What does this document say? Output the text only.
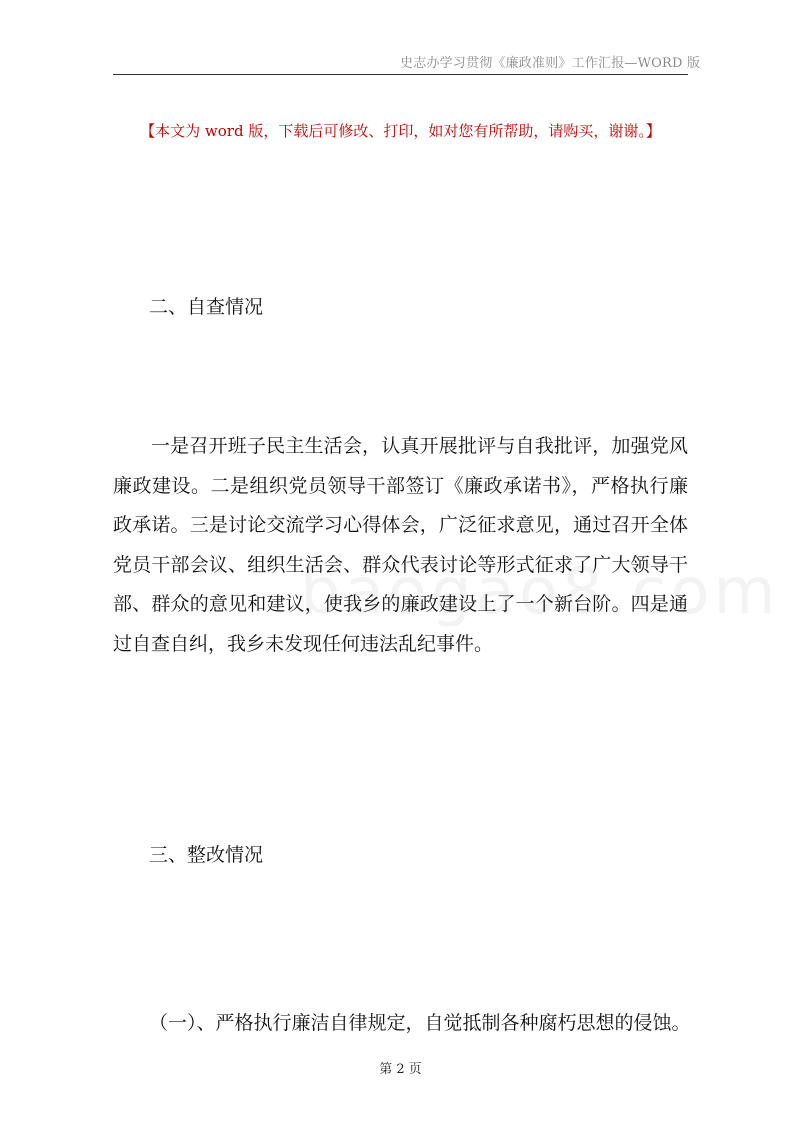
史志办学习贯彻《廉政准则》工作汇报—WORD 版
【本文为 word 版，下载后可修改、打印，如对您有所帮助，请购买，谢谢。】
二、自查情况

一是召开班子民主生活会，认真开展批评与自我批评，加强党风廉政建设。二是组织党员领导干部签订《廉政承诺书》，严格执行廉政承诺。三是讨论交流学习心得体会，广泛征求意见，通过召开全体党员干部会议、组织生活会、群众代表讨论等形式征求了广大领导干部、群众的意见和建议，使我乡的廉政建设上了一个新台阶。四是通过自查自纠，我乡未发现任何违法乱纪事件。

三、整改情况
（一）、严格执行廉洁自律规定，自觉抵制各种腐朽思想的侵蚀。
第 2 页
